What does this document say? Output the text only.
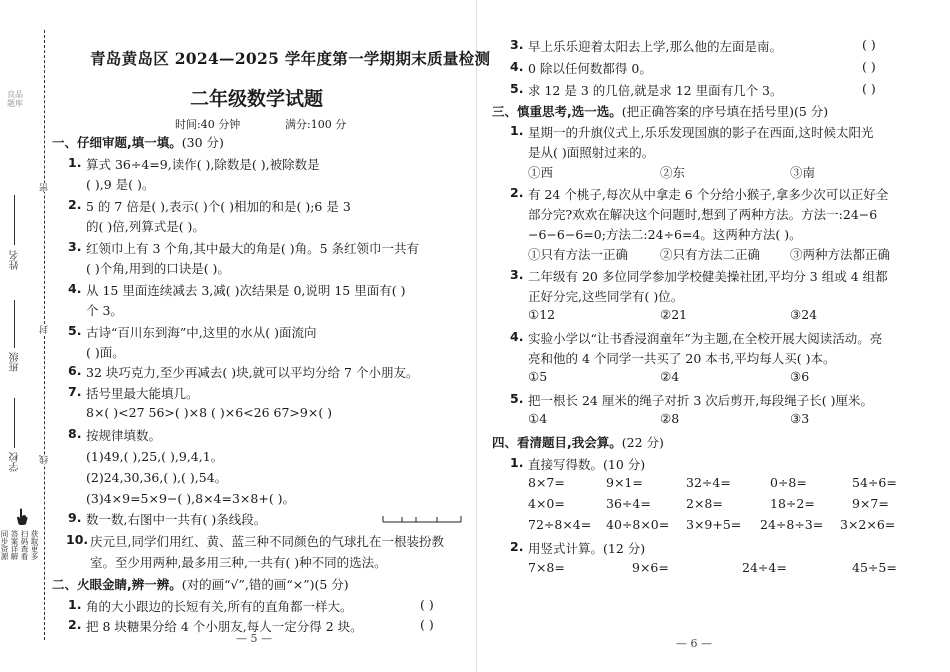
良品
题库
密
封
线
姓名
班级
学校
扫码查看
答案详解 获取更多
同步资源
青岛黄岛区 2024—2025 学年度第一学期期末质量检测
二年级数学试题
时间:40 分钟	满分:100 分
一、仔细审题,填一填。(30 分)
1. 算式 36÷4=9,读作( ),除数是( ),被除数是
( ),9 是( )。
2. 5 的 7 倍是( ),表示( )个( )相加的和是( );6 是 3
的( )倍,列算式是( )。
3. 红领巾上有 3 个角,其中最大的角是( )角。5 条红领巾一共有
( )个角,用到的口诀是( )。
4. 从 15 里面连续减去 3,减( )次结果是 0,说明 15 里面有( )
个 3。
5. 古诗“百川东到海”中,这里的水从( )面流向
( )面。
6. 32 块巧克力,至少再减去( )块,就可以平均分给 7 个小朋友。
7. 括号里最大能填几。
8×( )<27 56>( )×8 ( )×6<26 67>9×( )
8. 按规律填数。
(1)49,( ),25,( ),9,4,1。
(2)24,30,36,( ),( ),54。
(3)4×9=5×9−( ),8×4=3×8+( )。
9. 数一数,右图中一共有( )条线段。
10. 庆元旦,同学们用红、黄、蓝三种不同颜色的气球扎在一根装扮教
室。至少用两种,最多用三种,一共有( )种不同的选法。
二、火眼金睛,辨一辨。(对的画“√”,错的画“×”)(5 分)
1. 角的大小跟边的长短有关,所有的直角都一样大。	( )
2. 把 8 块糖果分给 4 个小朋友,每人一定分得 2 块。	( )
— 5 —
3. 早上乐乐迎着太阳去上学,那么他的左面是南。	( )
4. 0 除以任何数都得 0。	( )
5. 求 12 是 3 的几倍,就是求 12 里面有几个 3。	( )
三、慎重思考,选一选。(把正确答案的序号填在括号里)(5 分)
1. 星期一的升旗仪式上,乐乐发现国旗的影子在西面,这时候太阳光
是从( )面照射过来的。
①西	②东	③南
2. 有 24 个桃子,每次从中拿走 6 个分给小猴子,拿多少次可以正好全
部分完?欢欢在解决这个问题时,想到了两种方法。方法一:24−6
−6−6−6=0;方法二:24÷6=4。这两种方法( )。
①只有方法一正确	②只有方法二正确 ③两种方法都正确
3. 二年级有 20 多位同学参加学校健美操社团,平均分 3 组或 4 组都
正好分完,这些同学有( )位。
①12	②21	③24
4. 实验小学以“让书香浸润童年”为主题,在全校开展大阅读活动。亮
亮和他的 4 个同学一共买了 20 本书,平均每人买( )本。
①5	②4	③6
5. 把一根长 24 厘米的绳子对折 3 次后剪开,每段绳子长( )厘米。
①4	②8	③3
四、看清题目,我会算。(22 分)
1. 直接写得数。(10 分)
8×7=	9×1=	32÷4=	0÷8=	54÷6=
4×0=	36÷4=	2×8=	18÷2=	9×7=
72÷8×4= 40÷8×0= 3×9+5= 24÷8÷3= 3×2×6=
2. 用竖式计算。(12 分)
7×8=	9×6=	24÷4=	45÷5=
— 6 —
